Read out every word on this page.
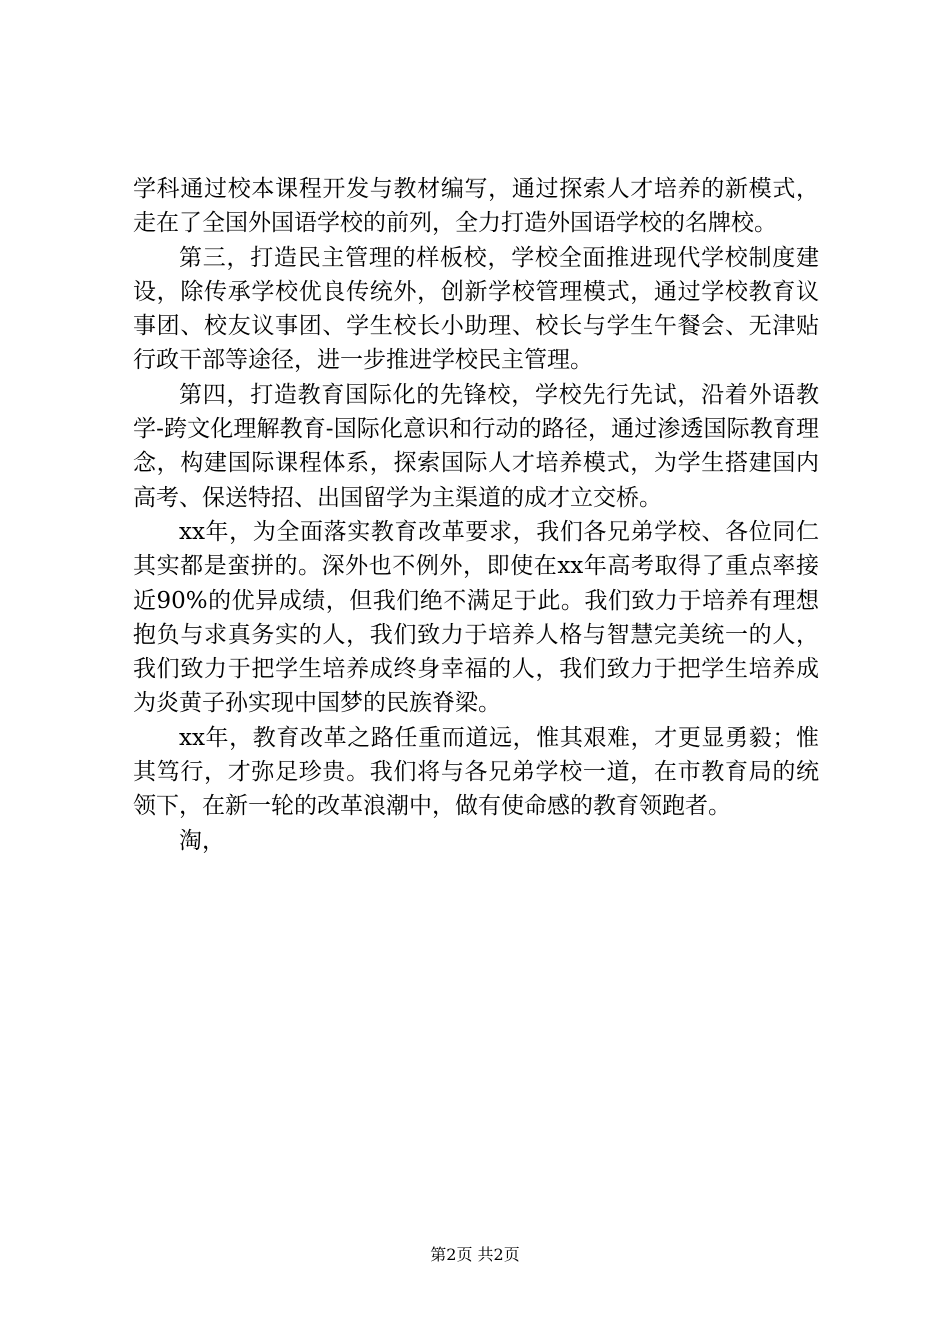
学科通过校本课程开发与教材编写，通过探索人才培养的新模式，走在了全国外国语学校的前列，全力打造外国语学校的名牌校。

第三，打造民主管理的样板校，学校全面推进现代学校制度建设，除传承学校优良传统外，创新学校管理模式，通过学校教育议事团、校友议事团、学生校长小助理、校长与学生午餐会、无津贴行政干部等途径，进一步推进学校民主管理。

第四，打造教育国际化的先锋校，学校先行先试，沿着外语教学-跨文化理解教育-国际化意识和行动的路径，通过渗透国际教育理念，构建国际课程体系，探索国际人才培养模式，为学生搭建国内高考、保送特招、出国留学为主渠道的成才立交桥。

xx年，为全面落实教育改革要求，我们各兄弟学校、各位同仁其实都是蛮拼的。深外也不例外，即使在xx年高考取得了重点率接近90%的优异成绩，但我们绝不满足于此。我们致力于培养有理想抱负与求真务实的人，我们致力于培养人格与智慧完美统一的人，我们致力于把学生培养成终身幸福的人，我们致力于把学生培养成为炎黄子孙实现中国梦的民族脊梁。

xx年，教育改革之路任重而道远，惟其艰难，才更显勇毅；惟其笃行，才弥足珍贵。我们将与各兄弟学校一道，在市教育局的统领下，在新一轮的改革浪潮中，做有使命感的教育领跑者。

淘，

第2页 共2页
